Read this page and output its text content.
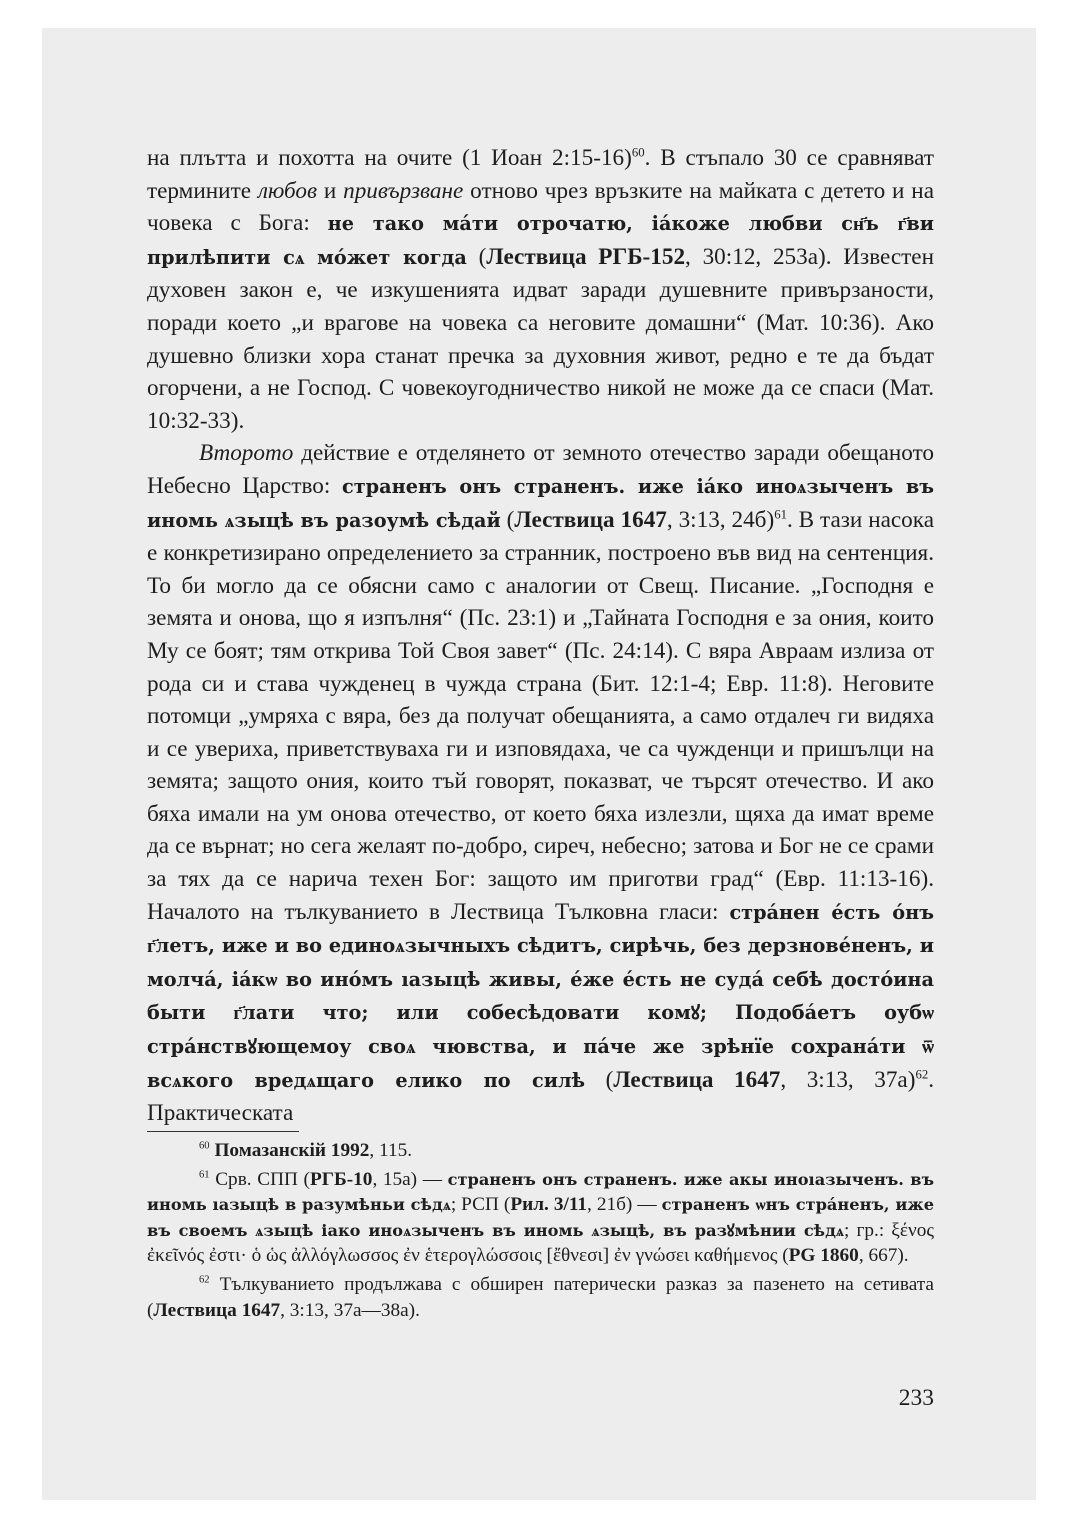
на плътта и похотта на очите (1 Иоан 2:15-16)$^{60}$. В стъпало 30 се сравняват термините любов и привързване отново чрез връзките на майката с детето и на човека с Бога: не тако мáти отрочатю, iáкоже любви сн҃ъ г҃ви прилѣпити сѧ мóжет когда (Лествица РГБ-152, 30:12, 253а). Известен духовен закон е, че изкушенията идват заради душевните привързаности, поради което „и врагове на човека са неговите домашни“ (Мат. 10:36). Ако душевно близки хора станат пречка за духовния живот, редно е те да бъдат огорчени, а не Господ. С човекоугодничество никой не може да се спаси (Мат. 10:32-33).

Второто действие е отделянето от земното отечество заради обещаното Небесно Царство: страненъ онъ страненъ. иже iáко иноѧзыченъ въ иномь ѧзыцѣ въ разоумѣ сѣдай (Лествица 1647, 3:13, 24б)$^{61}$. В тази насока е конкретизирано определението за странник, построено във вид на сентенция. То би могло да се обясни само с аналогии от Свещ. Писание. „Господня е земята и онова, що я изпълня“ (Пс. 23:1) и „Тайната Господня е за ония, които Му се боят; тям открива Той Своя завет“ (Пс. 24:14). С вяра Авраам излиза от рода си и става чужденец в чужда страна (Бит. 12:1-4; Евр. 11:8). Неговите потомци „умряха с вяра, без да получат обещанията, а само отдалеч ги видяха и се увериха, приветствуваха ги и изповядаха, че са чужденци и пришълци на земята; защото ония, които тъй говорят, показват, че търсят отечество. И ако бяха имали на ум онова отечество, от което бяха излезли, щяха да имат време да се върнат; но сега желаят по-добро, сиреч, небесно; затова и Бог не се срами за тях да се нарича техен Бог: защото им приготви град“ (Евр. 11:13-16). Началото на тълкуванието в Лествица Тълковна гласи: стрáнен éсть óнъ г҃летъ, иже и во единоѧзычныхъ сѣдитъ, сирѣчь, без дерзновéненъ, и молчá, iáкѡ во инóмъ ıазыцѣ живы, éже éсть не судá себѣ достóина быти г҃лати что; или собесѣдовати комꙋ; Подобáетъ оубѡ стрáнствꙋющемоу своѧ чювства, и пáче же зрѣнїе сохранáти ѿ всѧкого вредѧщаго елико по силѣ (Лествица 1647, 3:13, 37а)$^{62}$. Практическата

$^{60}$ Помазанскiй 1992, 115.

$^{61}$ Срв. СПП (РГБ-10, 15а) — страненъ онъ страненъ. иже акы иноıазыченъ. въ иномь ıазыцѣ в разумѣньи сѣдѧ; РСП (Рил. 3/11, 21б) — страненъ ѡнъ стрáненъ, иже въ своемъ ѧзыцѣ iако иноѧзыченъ въ иномь ѧзыцѣ, въ разꙋмѣнии сѣдѧ; гр.: ξένος ἐκεῖνός ἐστι· ὁ ὡς ἀλλόγλωσσος ἐν ἑτερογλώσσοις [ἔθνεσι] ἐν γνώσει καθήμενος (PG 1860, 667).

$^{62}$ Тълкуванието продължава с обширен патерически разказ за пазенето на сетивата (Лествица 1647, 3:13, 37а—38а).

233
